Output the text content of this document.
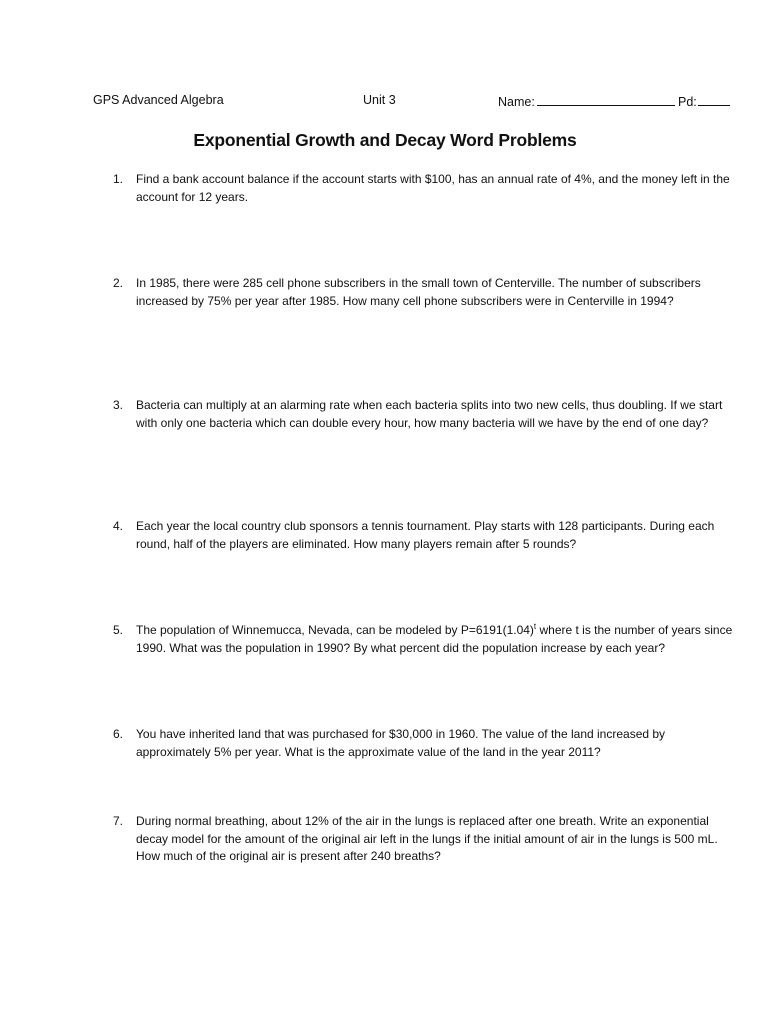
GPS Advanced Algebra	Unit 3	Name:	Pd:
Exponential Growth and Decay Word Problems
1.	Find a bank account balance if the account starts with $100, has an annual rate of 4%, and the money left in the account for 12 years.
2.	In 1985, there were 285 cell phone subscribers in the small town of Centerville. The number of subscribers increased by 75% per year after 1985. How many cell phone subscribers were in Centerville in 1994?
3.	Bacteria can multiply at an alarming rate when each bacteria splits into two new cells, thus doubling. If we start with only one bacteria which can double every hour, how many bacteria will we have by the end of one day?
4.	Each year the local country club sponsors a tennis tournament. Play starts with 128 participants. During each round, half of the players are eliminated. How many players remain after 5 rounds?
5.	The population of Winnemucca, Nevada, can be modeled by $P=6191(1.04)^t$ where t is the number of years since 1990. What was the population in 1990? By what percent did the population increase by each year?
6.	You have inherited land that was purchased for $30,000 in 1960. The value of the land increased by approximately 5% per year. What is the approximate value of the land in the year 2011?
7.	During normal breathing, about 12% of the air in the lungs is replaced after one breath. Write an exponential decay model for the amount of the original air left in the lungs if the initial amount of air in the lungs is 500 mL. How much of the original air is present after 240 breaths?
